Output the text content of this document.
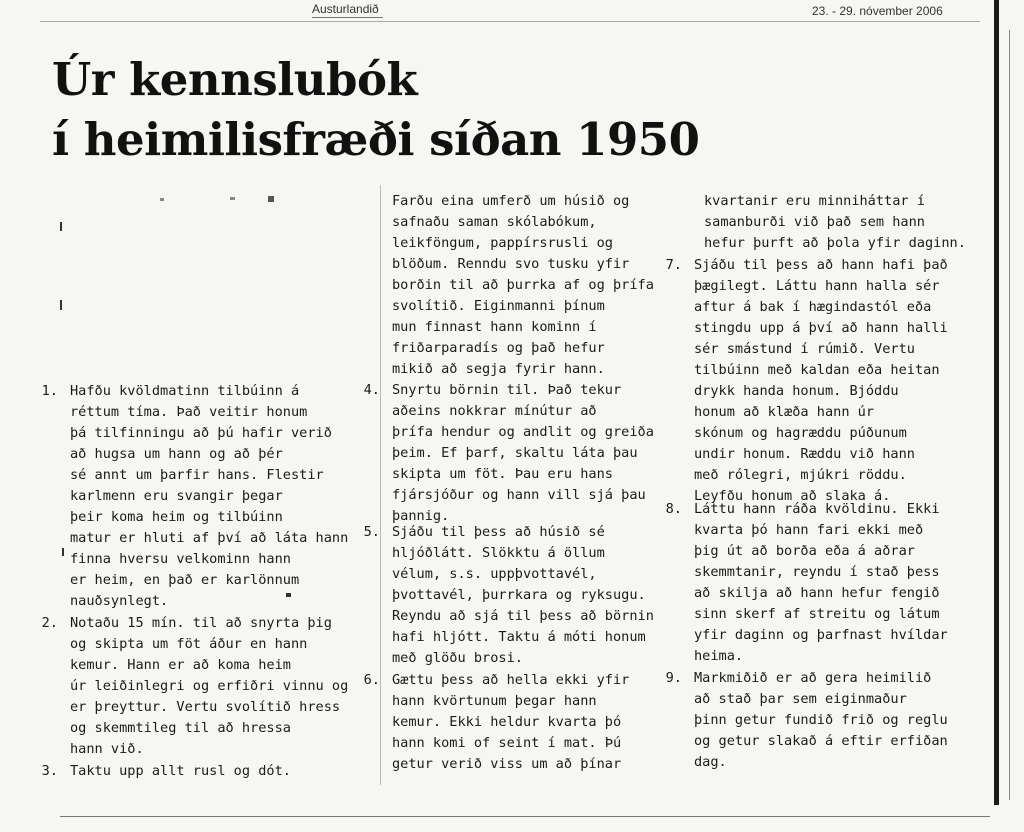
Austurlandið	23. - 29. nóvember 2006
Úr kennslubók
í heimilisfræði síðan 1950
1. Hafðu kvöldmatinn tilbúinn á
réttum tíma. Það veitir honum
þá tilfinningu að þú hafir verið
að hugsa um hann og að þér
sé annt um þarfir hans. Flestir
karlmenn eru svangir þegar
þeir koma heim og tilbúinn
matur er hluti af því að láta hann
finna hversu velkominn hann
er heim, en það er karlönnum
nauðsynlegt.
2. Notaðu 15 mín. til að snyrta þig
og skipta um föt áður en hann
kemur. Hann er að koma heim
úr leiðinlegri og erfiðri vinnu og
er þreyttur. Vertu svolítið hress
og skemmtileg til að hressa
hann við.
3. Taktu upp allt rusl og dót.
Farðu eina umferð um húsið og
safnaðu saman skólabókum,
leikföngum, pappírsrusli og
blöðum. Renndu svo tusku yfir
borðin til að þurrka af og þrífa
svolítið. Eiginmanni þínum
mun finnast hann kominn í
friðarparadís og það hefur
mikið að segja fyrir hann.
4. Snyrtu börnin til. Það tekur
aðeins nokkrar mínútur að
þrífa hendur og andlit og greiða
þeim. Ef þarf, skaltu láta þau
skipta um föt. Þau eru hans
fjársjóður og hann vill sjá þau
þannig.
5. Sjáðu til þess að húsið sé
hljóðlátt. Slökktu á öllum
vélum, s.s. uppþvottavél,
þvottavél, þurrkara og ryksugu.
Reyndu að sjá til þess að börnin
hafi hljótt. Taktu á móti honum
með glöðu brosi.
6. Gættu þess að hella ekki yfir
hann kvörtunum þegar hann
kemur. Ekki heldur kvarta þó
hann komi of seint í mat. Þú
getur verið viss um að þínar
kvartanir eru minniháttar í
samanburði við það sem hann
hefur þurft að þola yfir daginn.
7. Sjáðu til þess að hann hafi það
þægilegt. Láttu hann halla sér
aftur á bak í hægindastól eða
stingdu upp á því að hann halli
sér smástund í rúmið. Vertu
tilbúinn með kaldan eða heitan
drykk handa honum. Bjóddu
honum að klæða hann úr
skónum og hagræddu púðunum
undir honum. Ræddu við hann
með rólegri, mjúkri röddu.
Leyfðu honum að slaka á.
8. Láttu hann ráða kvöldinu. Ekki
kvarta þó hann fari ekki með
þig út að borða eða á aðrar
skemmtanir, reyndu í stað þess
að skilja að hann hefur fengið
sinn skerf af streitu og látum
yfir daginn og þarfnast hvíldar
heima.
9. Markmiðið er að gera heimilið
að stað þar sem eiginmaður
þinn getur fundið frið og reglu
og getur slakað á eftir erfiðan
dag.
